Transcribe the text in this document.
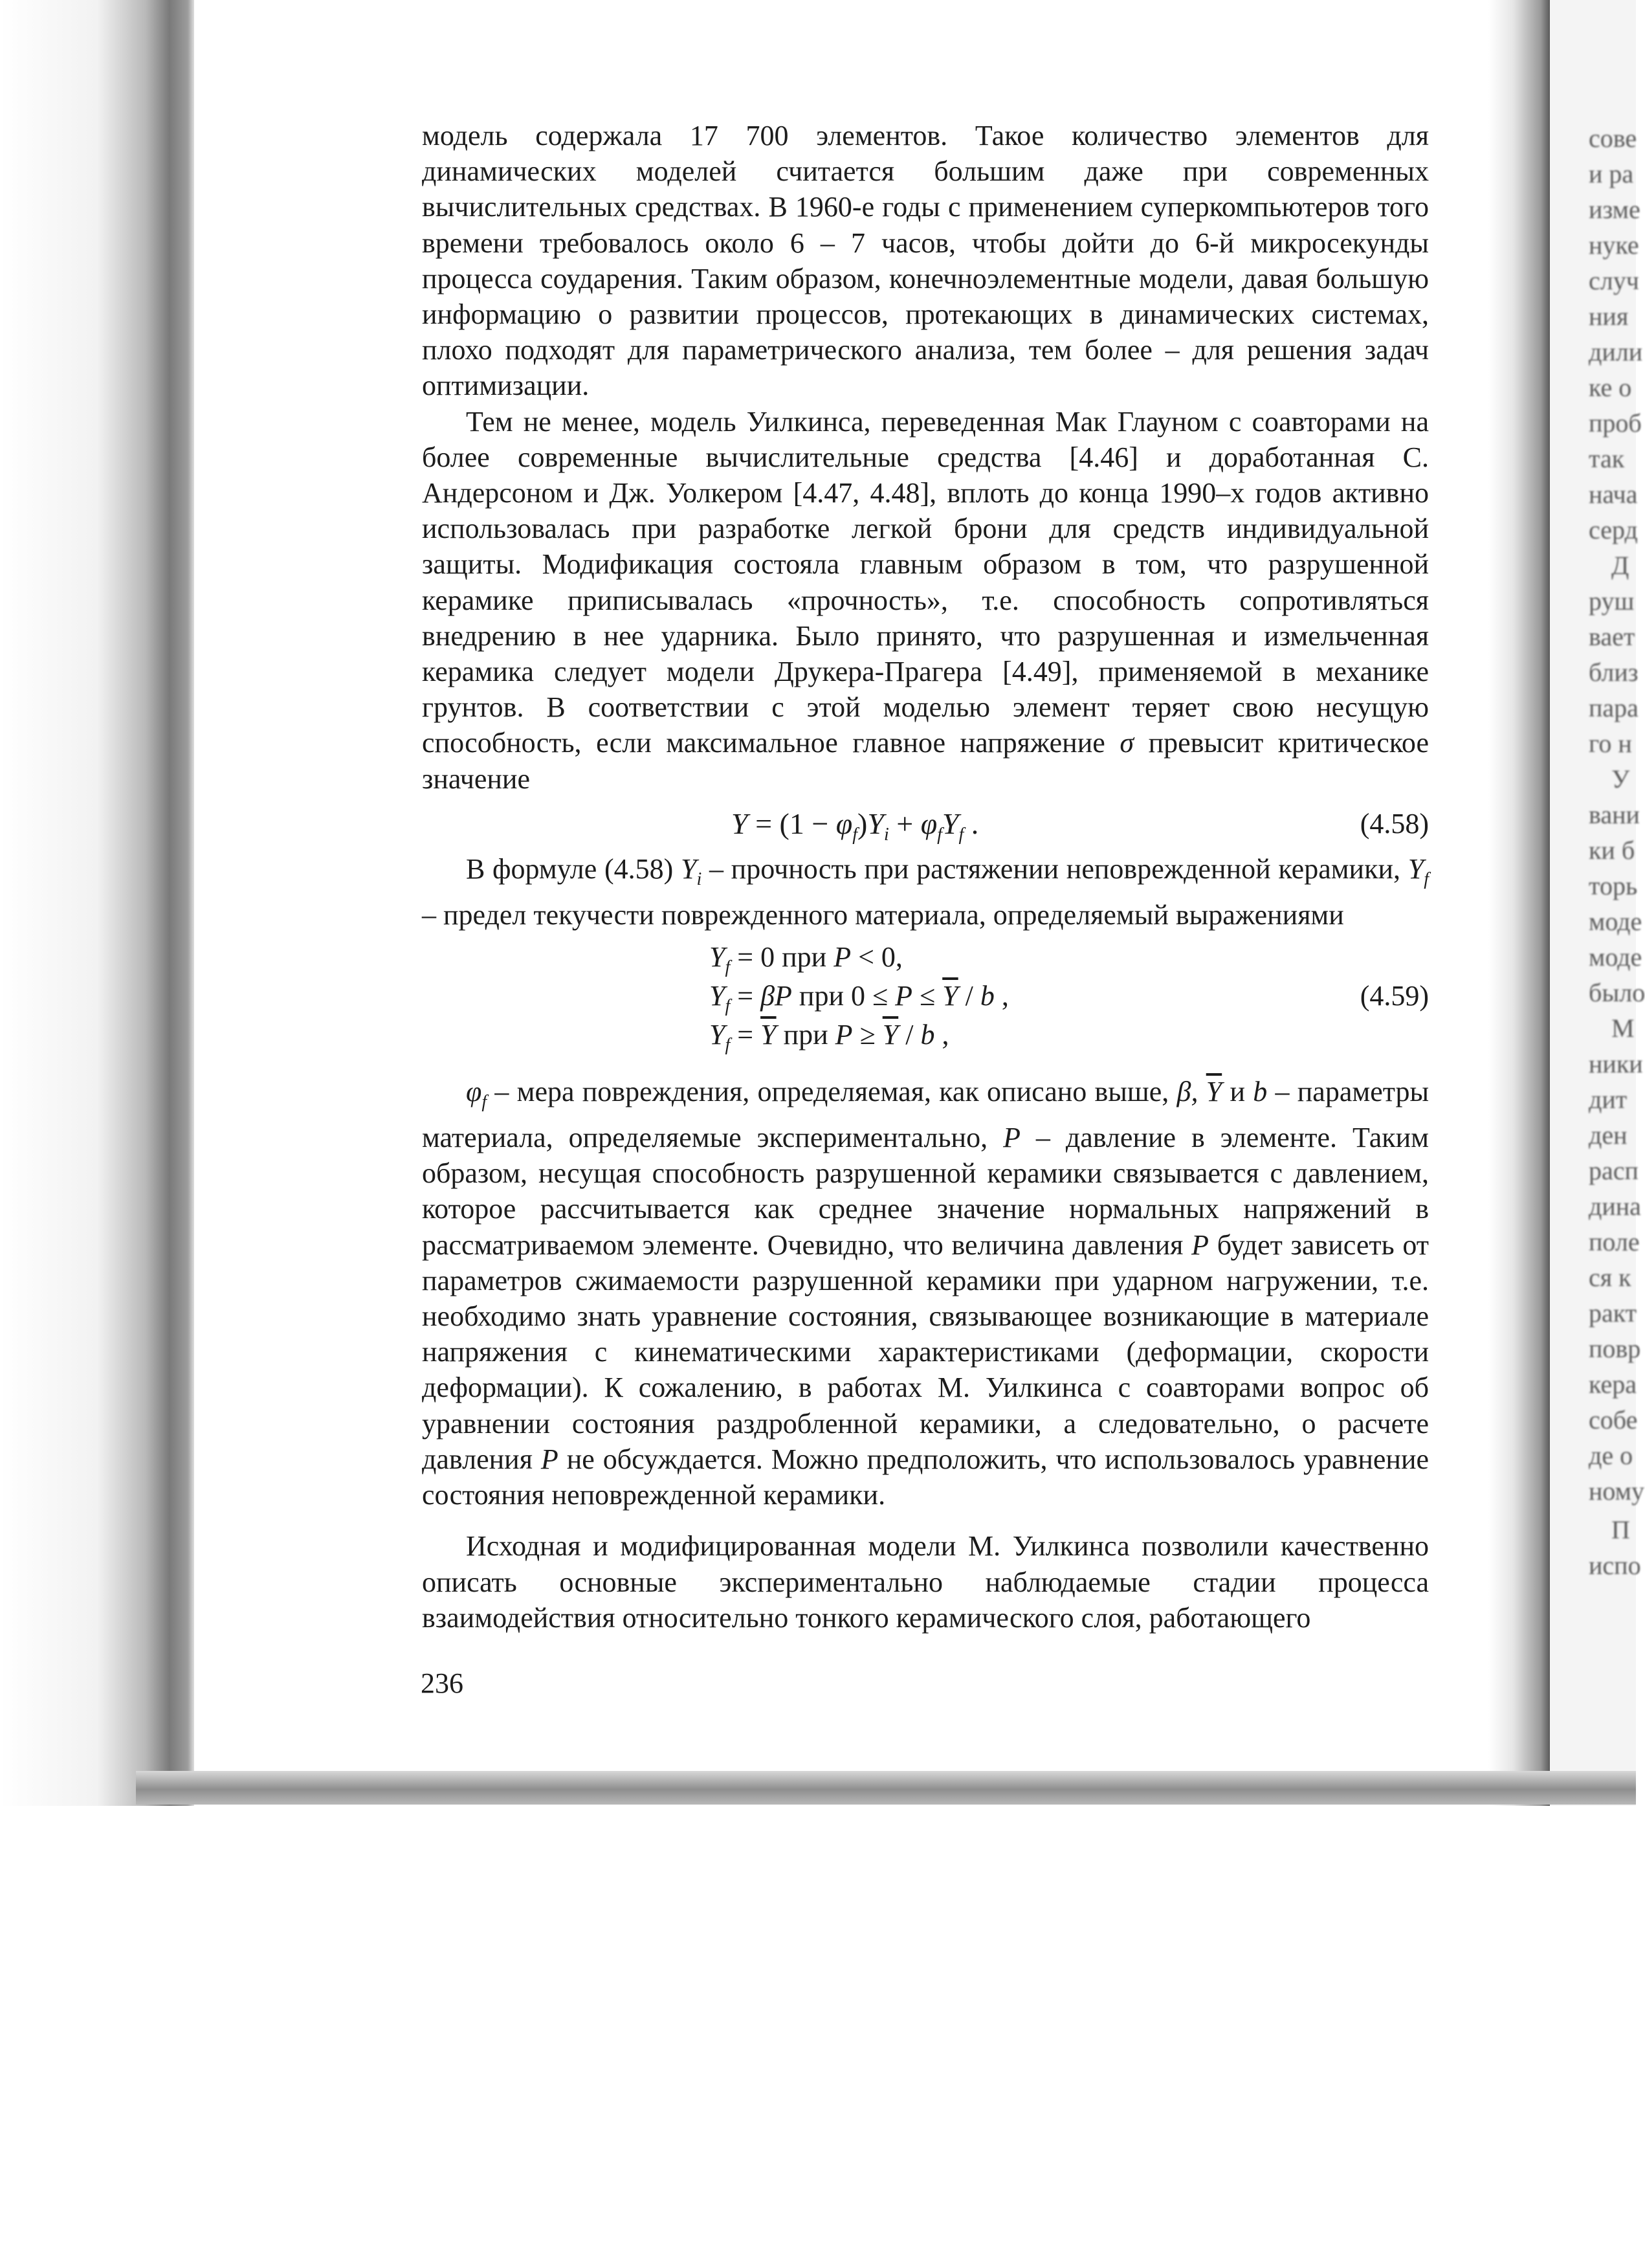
сове
и ра
изме
нуке
случ
ния
дили
ке о
проб
так
нача
серд
Д
руш
вает
близ
пара
го н
У
вани
ки б
торь
моде
моде
было
М
ники
дит
ден
расп
дина
поле
ся к
ракт
повр
кера
собе
де о
ному
П
испо

модель содержала 17 700 элементов. Такое количество элементов для динамических моделей считается большим даже при современных вычислительных средствах. В 1960-е годы с применением суперкомпьютеров того времени требовалось около 6 – 7 часов, чтобы дойти до 6-й микросекунды процесса соударения. Таким образом, конечноэлементные модели, давая большую информацию о развитии процессов, протекающих в динамических системах, плохо подходят для параметрического анализа, тем более – для решения задач оптимизации.

Тем не менее, модель Уилкинса, переведенная Мак Глауном с соавторами на более современные вычислительные средства [4.46] и доработанная С. Андерсоном и Дж. Уолкером [4.47, 4.48], вплоть до конца 1990–х годов активно использовалась при разработке легкой брони для средств индивидуальной защиты. Модификация состояла главным образом в том, что разрушенной керамике приписывалась «прочность», т.е. способность сопротивляться внедрению в нее ударника. Было принято, что разрушенная и измельченная керамика следует модели Друкера-Прагера [4.49], применяемой в механике грунтов. В соответствии с этой моделью элемент теряет свою несущую способность, если максимальное главное напряжение σ превысит критическое значение

$Y = (1 - \varphi_f)Y_i + \varphi_fY_f$ .	(4.58)

В формуле (4.58) $Y_i$ – прочность при растяжении неповрежденной керамики, $Y_f$ – предел текучести поврежденного материала, определяемый выражениями

$Y_f = 0$ при P < 0,
$Y_f = \beta P$ при $0 \le P \le \overline{Y} / b$ ,
$Y_f = \overline{Y}$ при $P \ge \overline{Y} / b$ ,
(4.59)

$\varphi_f$ – мера повреждения, определяемая, как описано выше, β, $\overline{Y}$ и b – параметры материала, определяемые экспериментально, P – давление в элементе. Таким образом, несущая способность разрушенной керамики связывается с давлением, которое рассчитывается как среднее значение нормальных напряжений в рассматриваемом элементе. Очевидно, что величина давления P будет зависеть от параметров сжимаемости разрушенной керамики при ударном нагружении, т.е. необходимо знать уравнение состояния, связывающее возникающие в материале напряжения с кинематическими характеристиками (деформации, скорости деформации). К сожалению, в работах М. Уилкинса с соавторами вопрос об уравнении состояния раздробленной керамики, а следовательно, о расчете давления P не обсуждается. Можно предположить, что использовалось уравнение состояния неповрежденной керамики.

Исходная и модифицированная модели М. Уилкинса позволили качественно описать основные экспериментально наблюдаемые стадии процесса взаимодействия относительно тонкого керамического слоя, работающего

236
